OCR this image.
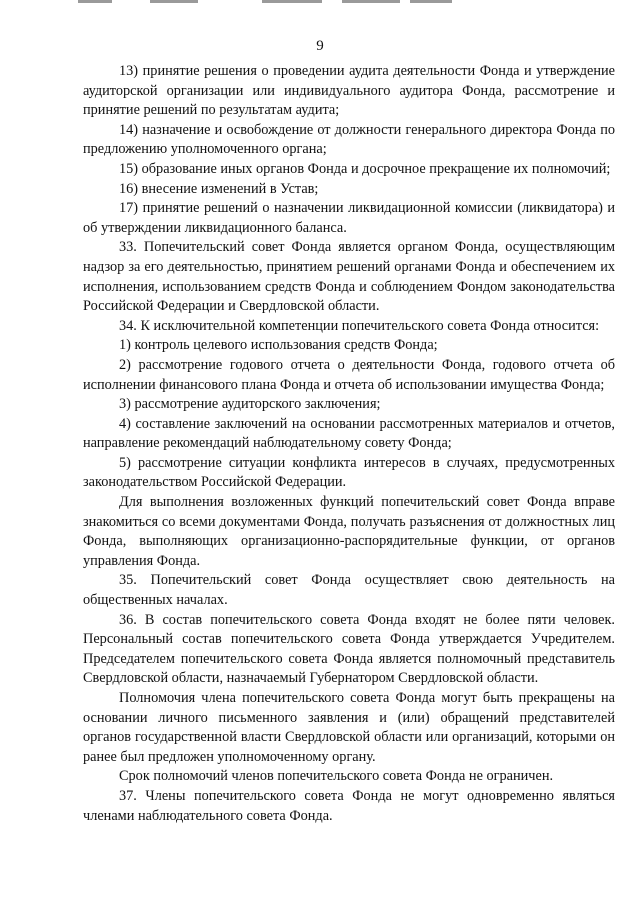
9

13) принятие решения о проведении аудита деятельности Фонда и утверждение аудиторской организации или индивидуального аудитора Фонда, рассмотрение и принятие решений по результатам аудита;

14) назначение и освобождение от должности генерального директора Фонда по предложению уполномоченного органа;

15) образование иных органов Фонда и досрочное прекращение их полномочий;

16) внесение изменений в Устав;

17) принятие решений о назначении ликвидационной комиссии (ликвидатора) и об утверждении ликвидационного баланса.

33. Попечительский совет Фонда является органом Фонда, осуществляющим надзор за его деятельностью, принятием решений органами Фонда и обеспечением их исполнения, использованием средств Фонда и соблюдением Фондом законодательства Российской Федерации и Свердловской области.

34. К исключительной компетенции попечительского совета Фонда относится:

1) контроль целевого использования средств Фонда;

2) рассмотрение годового отчета о деятельности Фонда, годового отчета об исполнении финансового плана Фонда и отчета об использовании имущества Фонда;

3) рассмотрение аудиторского заключения;

4) составление заключений на основании рассмотренных материалов и отчетов, направление рекомендаций наблюдательному совету Фонда;

5) рассмотрение ситуации конфликта интересов в случаях, предусмотренных законодательством Российской Федерации.

Для выполнения возложенных функций попечительский совет Фонда вправе знакомиться со всеми документами Фонда, получать разъяснения от должностных лиц Фонда, выполняющих организационно-распорядительные функции, от органов управления Фонда.

35. Попечительский совет Фонда осуществляет свою деятельность на общественных началах.

36. В состав попечительского совета Фонда входят не более пяти человек. Персональный состав попечительского совета Фонда утверждается Учредителем. Председателем попечительского совета Фонда является полномочный представитель Свердловской области, назначаемый Губернатором Свердловской области.

Полномочия члена попечительского совета Фонда могут быть прекращены на основании личного письменного заявления и (или) обращений представителей органов государственной власти Свердловской области или организаций, которыми он ранее был предложен уполномоченному органу.

Срок полномочий членов попечительского совета Фонда не ограничен.

37. Члены попечительского совета Фонда не могут одновременно являться членами наблюдательного совета Фонда.
